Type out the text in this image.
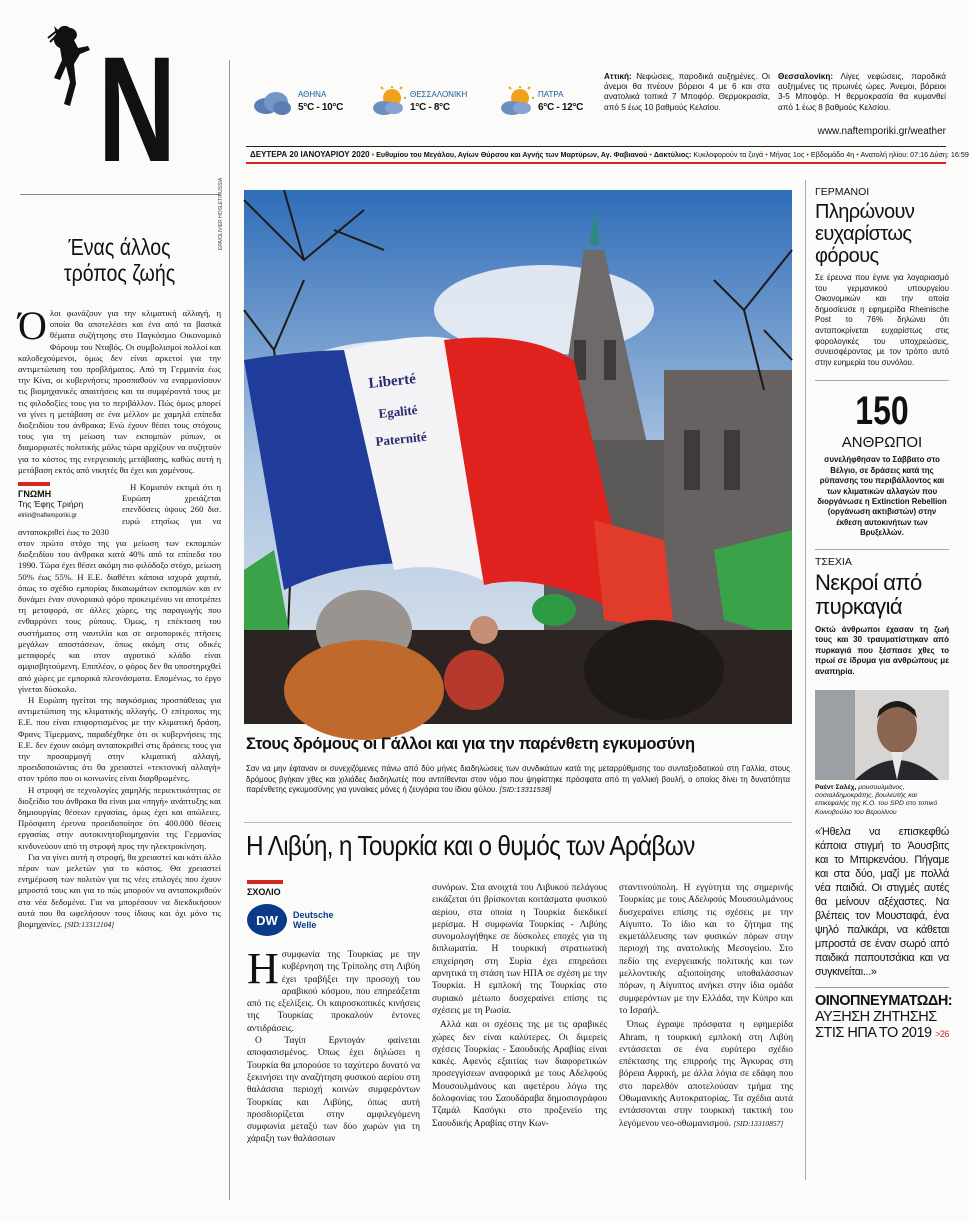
N	ΑΘΗΝΑ
5°C - 10°C
ΘΕΣΣΑΛΟΝΙΚΗ
1°C - 8°C
ΠΑΤΡΑ
6°C - 12°C
Αττική: Νεφώσεις, παροδικά αυξημένες. Οι άνεμοι θα πνέουν βόρειοι 4 με 6 και στα ανατολικά τοπικά 7 Μποφόρ. Θερμοκρασία, από 5 έως 10 βαθμούς Κελσίου.
Θεσσαλονίκη: Λίγες νεφώσεις, παροδικά αυξημένες τις πρωινές ώρες. Άνεμοι, βόρειοι 3-5 Μποφόρ. Η θερμοκρασία θα κυμανθεί από 1 έως 8 βαθμούς Κελσίου.
www.naftemporiki.gr/weather
ΔΕΥΤΕΡΑ 20 ΙΑΝΟΥΑΡΙΟΥ 2020 • Ευθυμίου του Μεγάλου, Αγίων Θύρσου και Αγνής των Μαρτύρων, Αγ. Φαβιανού • Δακτύλιος: Κυκλοφορούν τα ζυγά • Μήνας 1ος • Εβδομάδα 4η • Ανατολή ηλίου: 07:16 Δύση: 16:59
Ένας άλλος
τρόπος ζωής

Όλοι φωνάζουν για την κλιματική αλλαγή, η οποία θα αποτελέσει και ένα από τα βασικά θέματα συζήτησης στο Παγκόσμιο Οικονομικό Φόρουμ του Νταβός. Οι συμβολισμοί πολλοί και καλοδεχούμενοι, όμως δεν είναι αρκετοί για την αντιμετώπιση του προβλήματος. Από τη Γερμανία έως την Κίνα, οι κυβερνήσεις προσπαθούν να εναρμονίσουν τις βιομηχανικές απαιτήσεις και τα συμφέροντά τους με τις φιλοδοξίες τους για το περιβάλλον. Πώς όμως μπορεί να γίνει η μετάβαση σε ένα μέλλον με χαμηλά επίπεδα διοξειδίου του άνθρακα; Ενώ έχουν θέσει τους στόχους τους για τη μείωση των εκπομπών ρύπων, οι διαμορφωτές πολιτικής μόλις τώρα αρχίζουν να συζητούν για το κόστος της ενεργειακής μετάβασης, καθώς αυτή η μετάβαση εκτός από νικητές θα έχει και χαμένους.

ΓΝΩΜΗ
Της Έφης Τριήρη
etriiri@naftemporiki.gr

Η Κομισιόν εκτιμά ότι η Ευρώπη χρειάζεται επενδύσεις ύψους 260 δισ. ευρώ ετησίως για να ανταποκριθεί έως το 2030

στον πρώτο στόχο της για μείωση των εκπομπών διοξειδίου του άνθρακα κατά 40% από τα επίπεδα του 1990. Τώρα έχει θέσει ακόμη πιο φιλόδοξο στόχο, μείωση 50% έως 55%. Η Ε.Ε. διαθέτει κάποια ισχυρά χαρτιά, όπως το σχέδιο εμπορίας δικαιωμάτων εκπομπών και εν δυνάμει έναν συνοριακό φόρο προκειμένου να αποτρέπει τη μεταφορά, σε άλλες χώρες, της παραγωγής που ενθαρρύνει τους ρύπους. Όμως, η επέκταση του συστήματος στη ναυτιλία και σε αεροπορικές πτήσεις μεγάλων αποστάσεων, όπως ακόμη στις οδικές μεταφορές και στον αγροτικό κλάδο είναι αμφισβητούμενη. Επιπλέον, ο φόρος δεν θα υποστηριχθεί από χώρες με εμπορικά πλεονάσματα. Επομένως, το έργο γίνεται δύσκολο.

Η Ευρώπη ηγείται της παγκόσμιας προσπάθειας για αντιμετώπιση της κλιματικής αλλαγής. Ο επίτροπος της Ε.Ε. που είναι επιφορτισμένος με την κλιματική δράση, Φρανς Τίμερμανς, παραδέχθηκε ότι οι κυβερνήσεις της Ε.Ε. δεν έχουν ακόμη ανταποκριθεί στις δράσεις τους για την προσαρμογή στην κλιματική αλλαγή, προειδοποιώντας ότι θα χρειαστεί «τεκτονική αλλαγή» στον τρόπο που οι κοινωνίες είναι διαρθρωμένες.

Η στροφή σε τεχνολογίες χαμηλής περιεκτικότητας σε διοξείδιο του άνθρακα θα είναι μια «πηγή» ανάπτυξης και δημιουργίας θέσεων εργασίας, όμως έχει και απώλειες. Πρόσφατη έρευνα προειδοποίησε ότι 400.000 θέσεις εργασίας στην αυτοκινητοβιομηχανία της Γερμανίας κινδυνεύουν από τη στροφή προς την ηλεκτροκίνηση.

Για να γίνει αυτή η στροφή, θα χρειαστεί και κάτι άλλο πέραν των μελετών για το κόστος. Θα χρειαστεί ενημέρωση των πολιτών για τις νέες επιλογές που έχουν μπροστά τους και για το πώς μπορούν να ανταποκριθούν στα νέα δεδομένα. Για να μπορέσουν να διεκδικήσουν αυτά που θα ωφελήσουν τους ίδιους και όχι μόνο τις βιομηχανίες. [SID:13312104]

Liberté
Egalité
Paternité
EPA/OLIVIER HOSLET/RUSSIA
Στους δρόμους οι Γάλλοι και για την παρένθετη εγκυμοσύνη

Σαν να μην έφταναν οι συνεχιζόμενες πάνω από δύο μήνες διαδηλώσεις των συνδικάτων κατά της μεταρρύθμισης του συνταξιοδοτικού στη Γαλλία, στους δρόμους βγήκαν χθες και χιλιάδες διαδηλωτές που αντιτίθενται στον νόμο που ψηφίστηκε πρόσφατα από τη γαλλική βουλή, ο οποίος δίνει τη δυνατότητα παρένθετης εγκυμοσύνης για γυναίκες μόνες ή ζευγάρια του ίδιου φύλου. [SID:13311538]

Η Λιβύη, η Τουρκία και ο θυμός των Αράβων
ΣΧΟΛΙΟ
DW	Deutsche
Welle

Ησυμφωνία της Τουρκίας με την κυβέρνηση της Τρίπολης στη Λιβύη έχει τραβήξει την προσοχή του αραβικού κόσμου, που επηρεάζεται από τις εξελίξεις. Οι καιροσκοπικές κινήσεις της Τουρκίας προκαλούν έντονες αντιδράσεις.

Ο Ταγίπ Ερντογάν φαίνεται αποφασισμένος. Όπως έχει δηλώσει η Τουρκία θα μπορούσε το ταχύτερο δυνατό να ξεκινήσει την αναζήτηση φυσικού αερίου στη θαλάσσια περιοχή κοινών συμφερόντων Τουρκίας και Λιβύης, όπως αυτή προσδιορίζεται στην αμφιλεγόμενη συμφωνία μεταξύ των δύο χωρών για τη χάραξη των θαλάσσιων

συνόρων. Στα ανοιχτά του Λιβυκού πελάγους εικάζεται ότι βρίσκονται κοιτάσματα φυσικού αερίου, στα οποία η Τουρκία διεκδικεί μερίσμα. Η συμφωνία Τουρκίας - Λιβύης συνομολογήθηκε σε δύσκολες εποχές για τη διπλωματία. Η τουρκική στρατιωτική επιχείρηση στη Συρία έχει επηρεάσει αρνητικά τη στάση των ΗΠΑ σε σχέση με την Τουρκία. Η εμπλοκή της Τουρκίας στο συριακό μέτωπο δυσχεραίνει επίσης τις σχέσεις με τη Ρωσία.

Αλλά και οι σχέσεις της με τις αραβικές χώρες δεν είναι καλύτερες. Οι διμερείς σχέσεις Τουρκίας - Σαουδικής Αραβίας είναι κακές. Αφενός εξαιτίας των διαφορετικών προσεγγίσεων αναφορικά με τους Αδελφούς Μουσουλμάνους και αφετέρου λόγω της δολοφονίας του Σαουδάραβα δημοσιογράφου Τζαμάλ Κασόγκι στο προξενείο της Σαουδικής Αραβίας στην Κων-

σταντινούπολη. Η εγγύτητα της σημερινής Τουρκίας με τους Αδελφούς Μουσουλμάνους δυσχεραίνει επίσης τις σχέσεις με την Αίγυπτο. Το ίδιο και το ζήτημα της εκμετάλλευσης των φυσικών πόρων στην περιοχή της ανατολικής Μεσογείου. Στο πεδίο της ενεργειακής πολιτικής και των μελλοντικής αξιοποίησης υποθαλάσσιων πόρων, η Αίγυπτος ανήκει στην ίδια ομάδα συμφερόντων με την Ελλάδα, την Κύπρο και το Ισραήλ.

Όπως έγραψε πρόσφατα η εφημερίδα Ahram, η τουρκική εμπλοκή στη Λιβύη εντάσσεται σε ένα ευρύτερο σχέδιο επέκτασης της επιρροής της Άγκυρας στη βόρεια Αφρική, με άλλα λόγια σε εδάφη που στο παρελθόν αποτελούσαν τμήμα της Οθωμανικής Αυτοκρατορίας. Τα σχέδια αυτά εντάσσονται στην τουρκική τακτική του λεγόμενου νεο-οθωμανισμού. [SID:13310857]

ΓΕΡΜΑΝΟΙ
Πληρώνουν ευχαρίστως φόρους

Σε έρευνα που έγινε για λογαριασμό του γερμανικού υπουργείου Οικονομικών και την οποία δημοσίευσε η εφημερίδα Rheinische Post το 76% δηλώνει ότι ανταποκρίνεται ευχαρίστως στις φορολογικές του υποχρεώσεις, συνεισφέροντας με τον τρόπο αυτό στην ευημερία του συνόλου.

150
ΑΝΘΡΩΠΟΙ

συνελήφθησαν το Σάββατο στο Βέλγιο, σε δράσεις κατά της ρύπανσης του περιβάλλοντος και των κλιματικών αλλαγών που διοργάνωσε η Extinction Rebellion (οργάνωση ακτιβιστών) στην έκθεση αυτοκινήτων των Βρυξελλών.

ΤΣΕΧΙΑ
Νεκροί από πυρκαγιά

Οκτώ άνθρωποι έχασαν τη ζωή τους και 30 τραυματίστηκαν από πυρκαγιά που ξέσπασε χθες το πρωί σε ίδρυμα για ανθρώπους με αναπηρία.

Ραέντ Σαλέχ, μουσουλμάνος, σοσιαλδημοκράτης, βουλευτής και επικεφαλής της Κ.Ο. του SPD στο τοπικό Κοινοβούλιο του Βερολίνου

«Ήθελα να επισκεφθώ κάποια στιγμή το Άουσβιτς και το Μπιρκενάου. Πήγαμε και στα δύο, μαζί με πολλά νέα παιδιά. Οι στιγμές αυτές θα μείνουν αξέχαστες. Να βλέπεις τον Μουσταφά, ένα ψηλό παλικάρι, να κάθεται μπροστά σε έναν σωρό από παιδικά παπουτσάκια και να συγκινείται...»

ΟΙΝΟΠΝΕΥΜΑΤΩΔΗ:
ΑΥΞΗΣΗ ΖΗΤΗΣΗΣ ΣΤΙΣ ΗΠΑ ΤΟ 2019 >26
